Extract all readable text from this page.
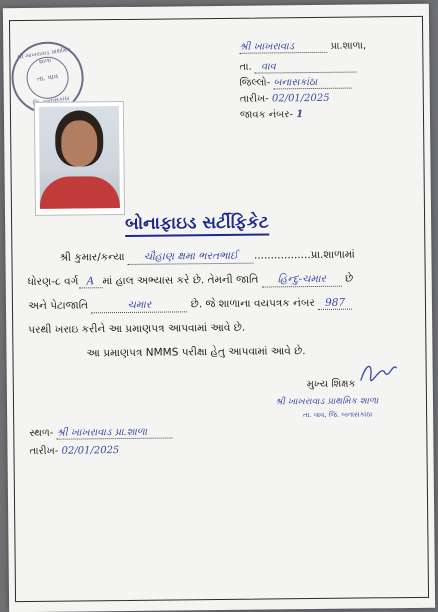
શ્રી ખાખરાવાડ પ્રાથમિક શાળા
તા. વાવ
શ્રી ખાખરાવાડ	પ્રા.શાળા,
તા. વાવ
જિલ્લો- બનાસકાંઠા
તારીખ- 02/01/2025
જાવક નંબર- 1
બોનાફાઇડ સર્ટીફિકેટ
શ્રી કુમાર/કન્યા ચૌહાણ ક્ષમા ભરતભાઈ .................પ્રા.શાળામાં
ધોરણ-૮ વર્ગ A માં હાલ અભ્યાસ કરે છે. તેમની જાતિ હિન્દુ-ચમાર છે
અને પેટાજાતિ	ચમાર	છે. જે શાળાના વયપત્રક નંબર 987
પરથી ખરાઇ કરીને આ પ્રમાણપત્ર આપવામાં આવે છે.
આ પ્રમાણપત્ર NMMS પરીક્ષા હેતુ આપવામાં આવે છે.
મુખ્ય શિક્ષક
શ્રી ખાખરાવાડ પ્રાથમિક શાળા
તા. વાવ, જિ. બનાસકાંઠા
સ્થળ- શ્રી ખાખરાવાડ પ્રા.શાળા
તારીખ- 02/01/2025
